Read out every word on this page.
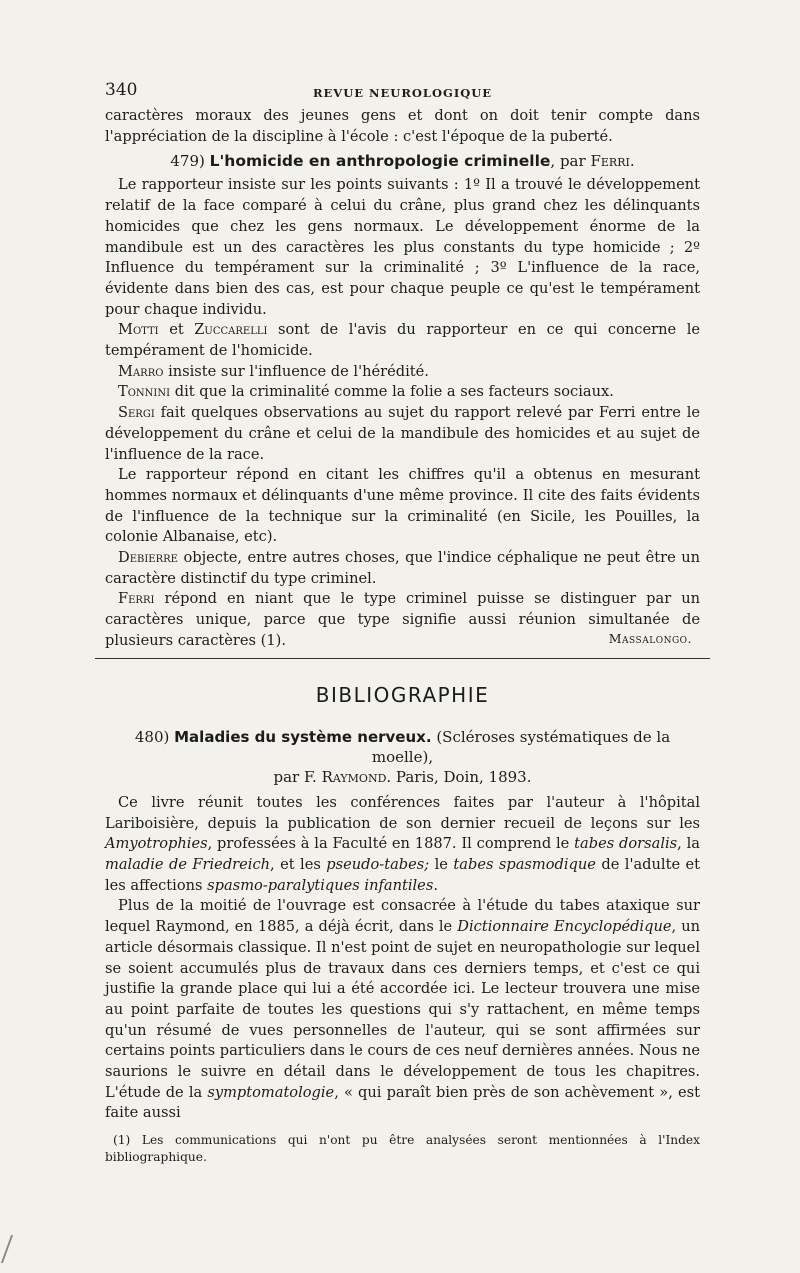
340	REVUE NEUROLOGIQUE

caractères moraux des jeunes gens et dont on doit tenir compte dans l'appréciation de la discipline à l'école : c'est l'époque de la puberté.

479) L'homicide en anthropologie criminelle, par Ferri.

Le rapporteur insiste sur les points suivants : 1º Il a trouvé le développement relatif de la face comparé à celui du crâne, plus grand chez les délinquants homicides que chez les gens normaux. Le développement énorme de la mandibule est un des caractères les plus constants du type homicide ; 2º Influence du tempérament sur la criminalité ; 3º L'influence de la race, évidente dans bien des cas, est pour chaque peuple ce qu'est le tempérament pour chaque individu.

Motti et Zuccarelli sont de l'avis du rapporteur en ce qui concerne le tempérament de l'homicide.

Marro insiste sur l'influence de l'hérédité.

Tonnini dit que la criminalité comme la folie a ses facteurs sociaux.

Sergi fait quelques observations au sujet du rapport relevé par Ferri entre le développement du crâne et celui de la mandibule des homicides et au sujet de l'influence de la race.

Le rapporteur répond en citant les chiffres qu'il a obtenus en mesurant hommes normaux et délinquants d'une même province. Il cite des faits évidents de l'influence de la technique sur la criminalité (en Sicile, les Pouilles, la colonie Albanaise, etc).

Debierre objecte, entre autres choses, que l'indice céphalique ne peut être un caractère distinctif du type criminel.

Ferri répond en niant que le type criminel puisse se distinguer par un caractères unique, parce que type signifie aussi réunion simultanée de plusieurs caractères (1).	Massalongo.
BIBLIOGRAPHIE
480) Maladies du système nerveux. (Scléroses systématiques de la moelle),
par F. Raymond. Paris, Doin, 1893.

Ce livre réunit toutes les conférences faites par l'auteur à l'hôpital Lariboisière, depuis la publication de son dernier recueil de leçons sur les Amyotrophies, professées à la Faculté en 1887. Il comprend le tabes dorsalis, la maladie de Friedreich, et les pseudo-tabes; le tabes spasmodique de l'adulte et les affections spasmo-paralytiques infantiles.

Plus de la moitié de l'ouvrage est consacrée à l'étude du tabes ataxique sur lequel Raymond, en 1885, a déjà écrit, dans le Dictionnaire Encyclopédique, un article désormais classique. Il n'est point de sujet en neuropathologie sur lequel se soient accumulés plus de travaux dans ces derniers temps, et c'est ce qui justifie la grande place qui lui a été accordée ici. Le lecteur trouvera une mise au point parfaite de toutes les questions qui s'y rattachent, en même temps qu'un résumé de vues personnelles de l'auteur, qui se sont affirmées sur certains points particuliers dans le cours de ces neuf dernières années. Nous ne saurions le suivre en détail dans le développement de tous les chapitres. L'étude de la symptomatologie, « qui paraît bien près de son achèvement », est faite aussi

(1) Les communications qui n'ont pu être analysées seront mentionnées à l'Index bibliographique.
